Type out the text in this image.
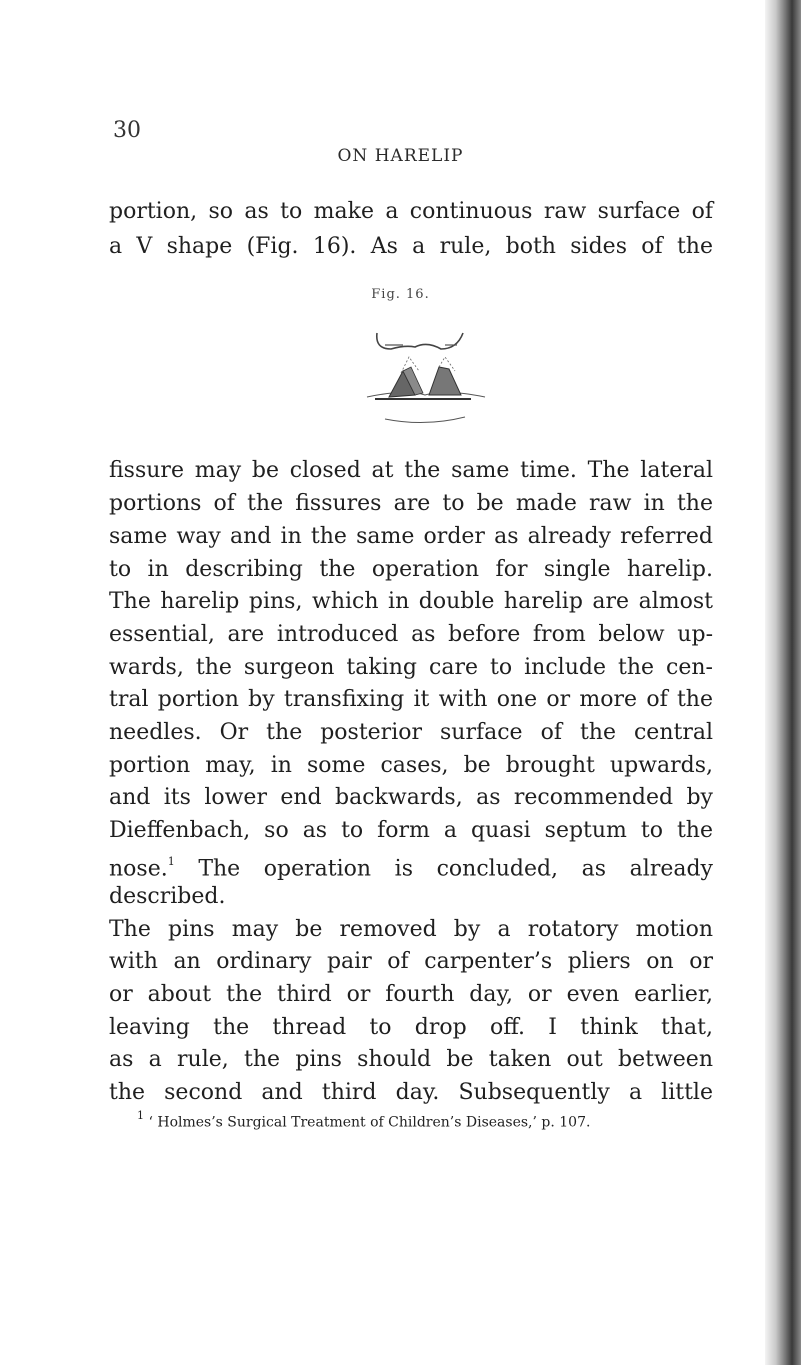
30
ON HARELIP
portion, so as to make a continuous raw surface of
a V shape (Fig. 16). As a rule, both sides of the
Fig. 16.
fissure may be closed at the same time. The lateral
portions of the fissures are to be made raw in the
same way and in the same order as already referred
to in describing the operation for single harelip.
The harelip pins, which in double harelip are almost
essential, are introduced as before from below up-
wards, the surgeon taking care to include the cen-
tral portion by transfixing it with one or more of the
needles. Or the posterior surface of the central
portion may, in some cases, be brought upwards,
and its lower end backwards, as recommended by
Dieffenbach, so as to form a quasi septum to the
nose.$^1$ The operation is concluded, as already
described.
The pins may be removed by a rotatory motion
with an ordinary pair of carpenter’s pliers on or
or about the third or fourth day, or even earlier,
leaving the thread to drop off. I think that,
as a rule, the pins should be taken out between
the second and third day. Subsequently a little
$^1$ ‘ Holmes’s Surgical Treatment of Children’s Diseases,’ p. 107.
